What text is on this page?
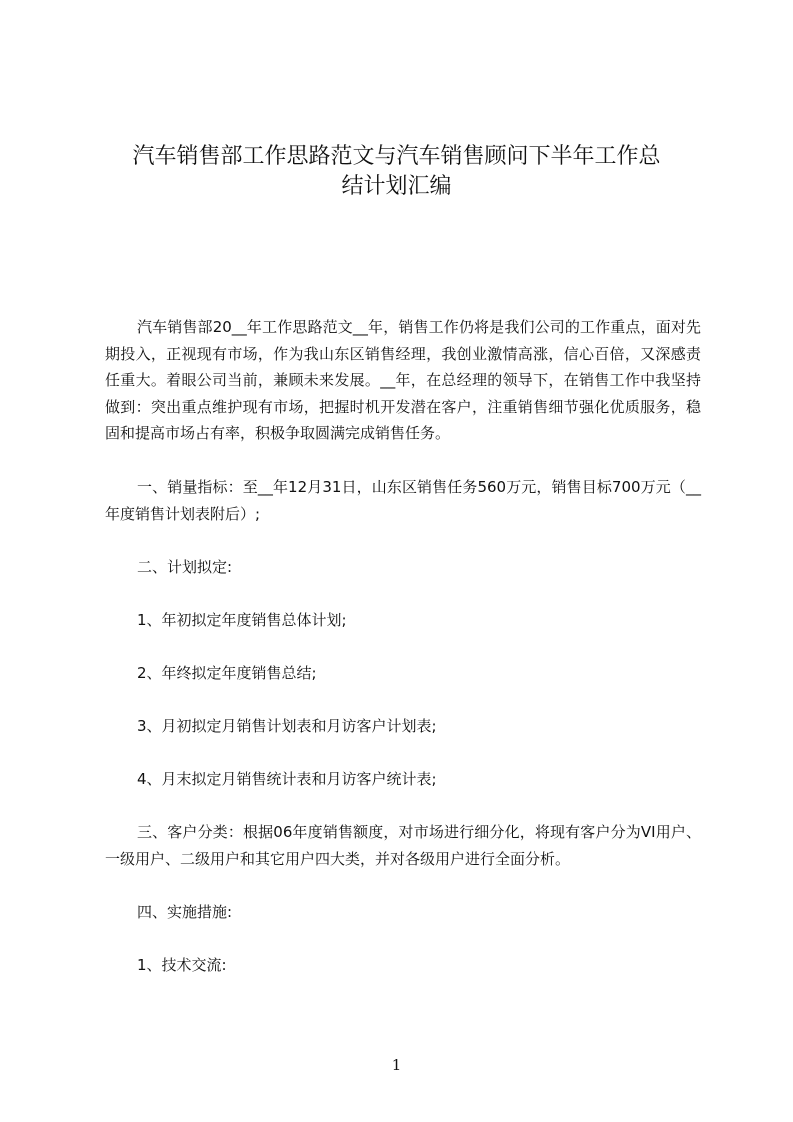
汽车销售部工作思路范文与汽车销售顾问下半年工作总
结计划汇编

汽车销售部20__年工作思路范文__年，销售工作仍将是我们公司的工作重点，面对先期投入，正视现有市场，作为我山东区销售经理，我创业激情高涨，信心百倍，又深感责任重大。着眼公司当前，兼顾未来发展。__年，在总经理的领导下，在销售工作中我坚持做到：突出重点维护现有市场，把握时机开发潜在客户，注重销售细节强化优质服务，稳固和提高市场占有率，积极争取圆满完成销售任务。

一、销量指标：至__年12月31日，山东区销售任务560万元，销售目标700万元（__年度销售计划表附后）;

二、计划拟定:

1、年初拟定年度销售总体计划;

2、年终拟定年度销售总结;

3、月初拟定月销售计划表和月访客户计划表;

4、月末拟定月销售统计表和月访客户统计表;

三、客户分类：根据06年度销售额度，对市场进行细分化，将现有客户分为VI用户、一级用户、二级用户和其它用户四大类，并对各级用户进行全面分析。

四、实施措施:

1、技术交流:

1
